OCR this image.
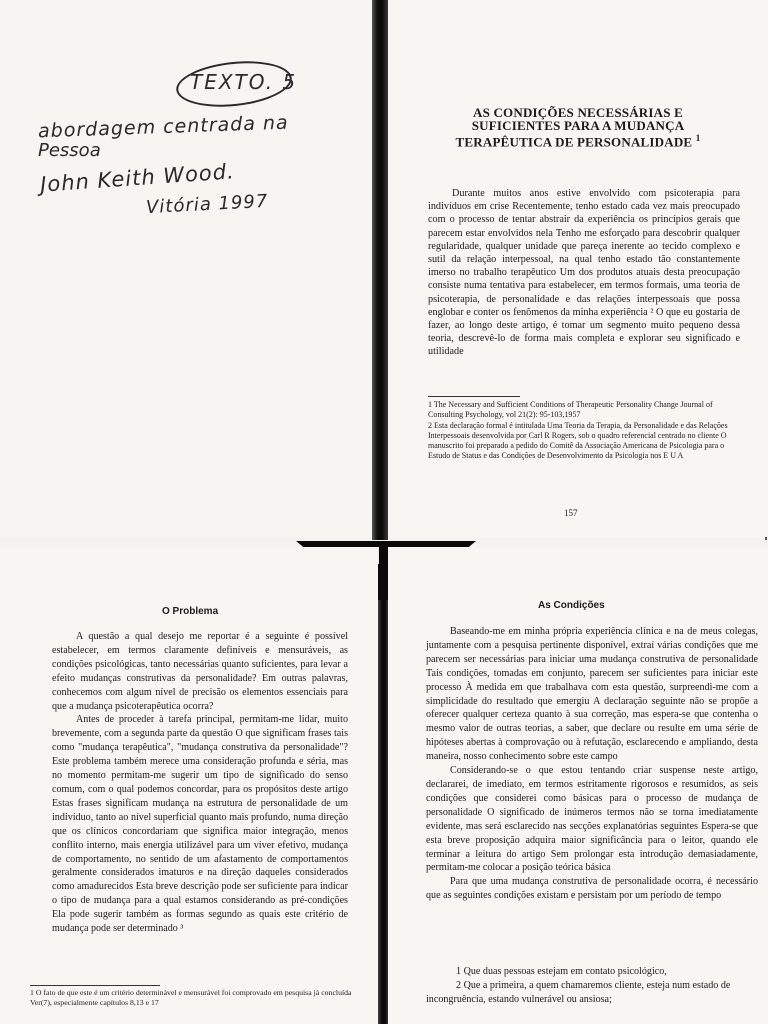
TEXTO. 5
abordagem centrada na
Pessoa
John Keith Wood.
Vitória 1997
AS CONDIÇÕES NECESSÁRIAS E
SUFICIENTES PARA A MUDANÇA
TERAPÊUTICA DE PERSONALIDADE $^1$
Durante muitos anos estive envolvido com psicoterapia para indivíduos em crise Recentemente, tenho estado cada vez mais preocupado com o processo de tentar abstrair da experiência os princípios gerais que parecem estar envolvidos nela Tenho me esforçado para descobrir qualquer regularidade, qualquer unidade que pareça inerente ao tecido complexo e sutil da relação interpessoal, na qual tenho estado tão constantemente imerso no trabalho terapêutico Um dos produtos atuais desta preocupação consiste numa tentativa para estabelecer, em termos formais, uma teoria de psicoterapia, de personalidade e das relações interpessoais que possa englobar e conter os fenômenos da minha experiência ² O que eu gostaria de fazer, ao longo deste artigo, é tomar um segmento muito pequeno dessa teoria, descrevê-lo de forma mais completa e explorar seu significado e utilidade

1 The Necessary and Sufficient Conditions of Therapeutic Personality Change Journal of Consulting Psychology, vol 21(2): 95-103,1957

2 Esta declaração formal é intitulada Uma Teoria da Terapia, da Personalidade e das Relações Interpessoais desenvolvida por Carl R Rogers, sob o quadro referencial centrado no cliente O manuscrito foi preparado a pedido do Comitê da Associação Americana de Psicologia para o Estudo de Status e das Condições de Desenvolvimento da Psicologia nos E U A

157
O Problema

A questão a qual desejo me reportar é a seguinte é possível estabelecer, em termos claramente definíveis e mensuráveis, as condições psicológicas, tanto necessárias quanto suficientes, para levar a efeito mudanças construtivas da personalidade? Em outras palavras, conhecemos com algum nível de precisão os elementos essenciais para que a mudança psicoterapêutica ocorra?

Antes de proceder à tarefa principal, permitam-me lidar, muito brevemente, com a segunda parte da questão O que significam frases tais como "mudança terapêutica", "mudança construtiva da personalidade"? Este problema também merece uma consideração profunda e séria, mas no momento permitam-me sugerir um tipo de significado do senso comum, com o qual podemos concordar, para os propósitos deste artigo Estas frases significam mudança na estrutura de personalidade de um indivíduo, tanto ao nível superficial quanto mais profundo, numa direção que os clínicos concordariam que significa maior integração, menos conflito interno, mais energia utilizável para um viver efetivo, mudança de comportamento, no sentido de um afastamento de comportamentos geralmente considerados imaturos e na direção daqueles considerados como amadurecidos Esta breve descrição pode ser suficiente para indicar o tipo de mudança para a qual estamos considerando as pré-condições Ela pode sugerir também as formas segundo as quais este critério de mudança pode ser determinado ³

1 O fato de que este é um critério determinável e mensurável foi comprovado em pesquisa já concluída Ver(7), especialmente capítulos 8,13 e 17
As Condições

Baseando-me em minha própria experiência clínica e na de meus colegas, juntamente com a pesquisa pertinente disponível, extraí várias condições que me parecem ser necessárias para iniciar uma mudança construtiva de personalidade Tais condições, tomadas em conjunto, parecem ser suficientes para iniciar este processo À medida em que trabalhava com esta questão, surpreendi-me com a simplicidade do resultado que emergiu A declaração seguinte não se propõe a oferecer qualquer certeza quanto à sua correção, mas espera-se que contenha o mesmo valor de outras teorias, a saber, que declare ou resulte em uma série de hipóteses abertas à comprovação ou à refutação, esclarecendo e ampliando, desta maneira, nosso conhecimento sobre este campo

Considerando-se o que estou tentando criar suspense neste artigo, declararei, de imediato, em termos estritamente rigorosos e resumidos, as seis condições que considerei como básicas para o processo de mudança de personalidade O significado de inúmeros termos não se torna imediatamente evidente, mas será esclarecido nas secções explanatórias seguintes Espera-se que esta breve proposição adquira maior significância para o leitor, quando ele terminar a leitura do artigo Sem prolongar esta introdução demasiadamente, permitam-me colocar a posição teórica básica

Para que uma mudança construtiva de personalidade ocorra, é necessário que as seguintes condições existam e persistam por um período de tempo

1 Que duas pessoas estejam em contato psicológico,

2 Que a primeira, a quem chamaremos cliente, esteja num estado de incongruência, estando vulnerável ou ansiosa;
